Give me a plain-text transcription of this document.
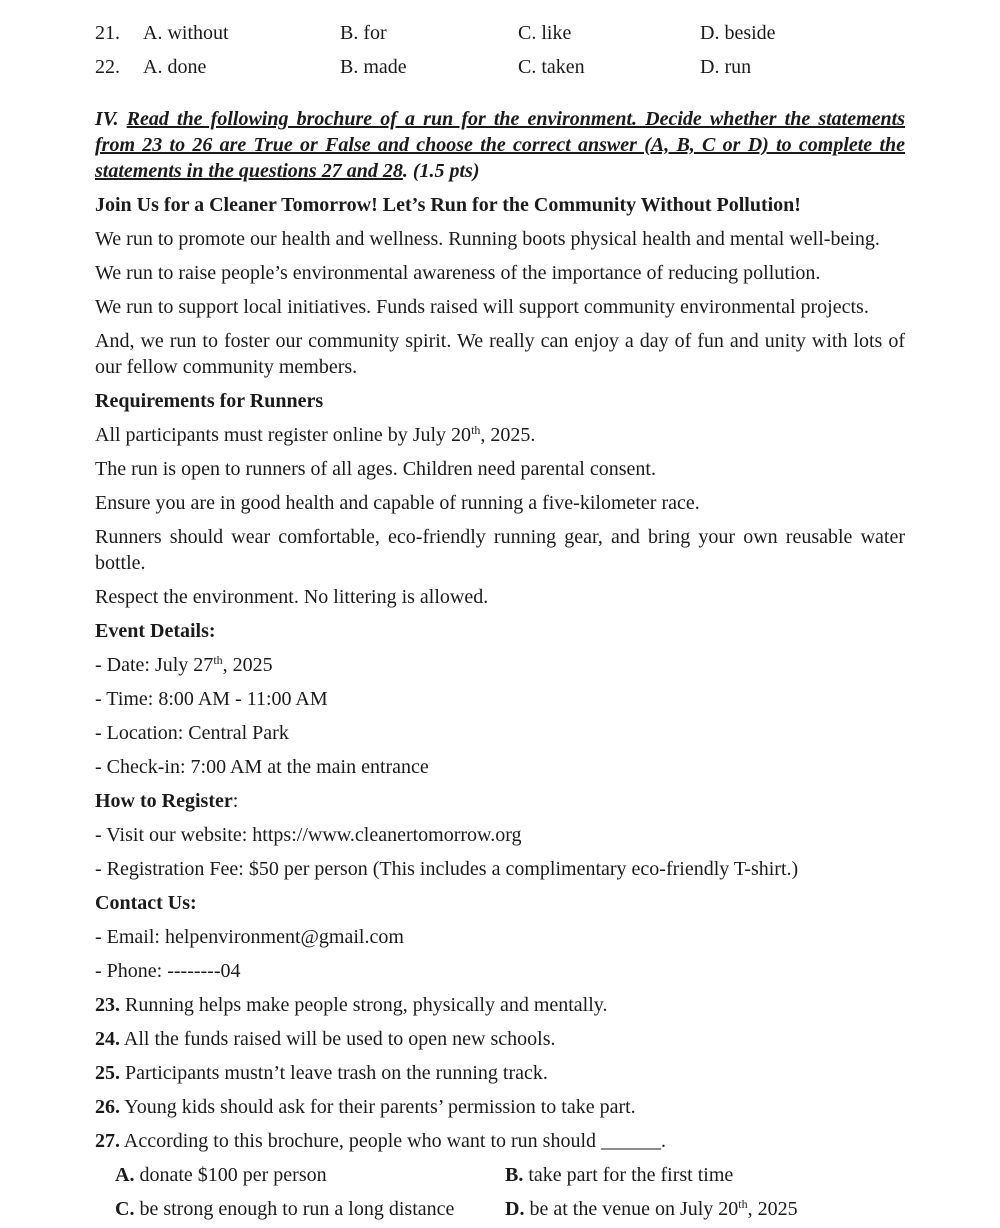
21.	A. without	B. for	C. like	D. beside
22.	A. done	B. made	C. taken	D. run

IV. Read the following brochure of a run for the environment. Decide whether the statements from 23 to 26 are True or False and choose the correct answer (A, B, C or D) to complete the statements in the questions 27 and 28. (1.5 pts)

Join Us for a Cleaner Tomorrow! Let’s Run for the Community Without Pollution!

We run to promote our health and wellness. Running boots physical health and mental well-being.

We run to raise people’s environmental awareness of the importance of reducing pollution.

We run to support local initiatives. Funds raised will support community environmental projects.

And, we run to foster our community spirit. We really can enjoy a day of fun and unity with lots of our fellow community members.

Requirements for Runners

All participants must register online by July 20th, 2025.

The run is open to runners of all ages. Children need parental consent.

Ensure you are in good health and capable of running a five-kilometer race.

Runners should wear comfortable, eco-friendly running gear, and bring your own reusable water bottle.

Respect the environment. No littering is allowed.

Event Details:

- Date: July 27th, 2025

- Time: 8:00 AM - 11:00 AM

- Location: Central Park

- Check-in: 7:00 AM at the main entrance

How to Register:

- Visit our website: https://www.cleanertomorrow.org

- Registration Fee: $50 per person (This includes a complimentary eco-friendly T-shirt.)

Contact Us:

- Email: helpenvironment@gmail.com

- Phone: --------04

23. Running helps make people strong, physically and mentally.

24. All the funds raised will be used to open new schools.

25. Participants mustn’t leave trash on the running track.

26. Young kids should ask for their parents’ permission to take part.

27. According to this brochure, people who want to run should ______.

A. donate $100 per person	B. take part for the first time
C. be strong enough to run a long distance	D. be at the venue on July 20th, 2025
